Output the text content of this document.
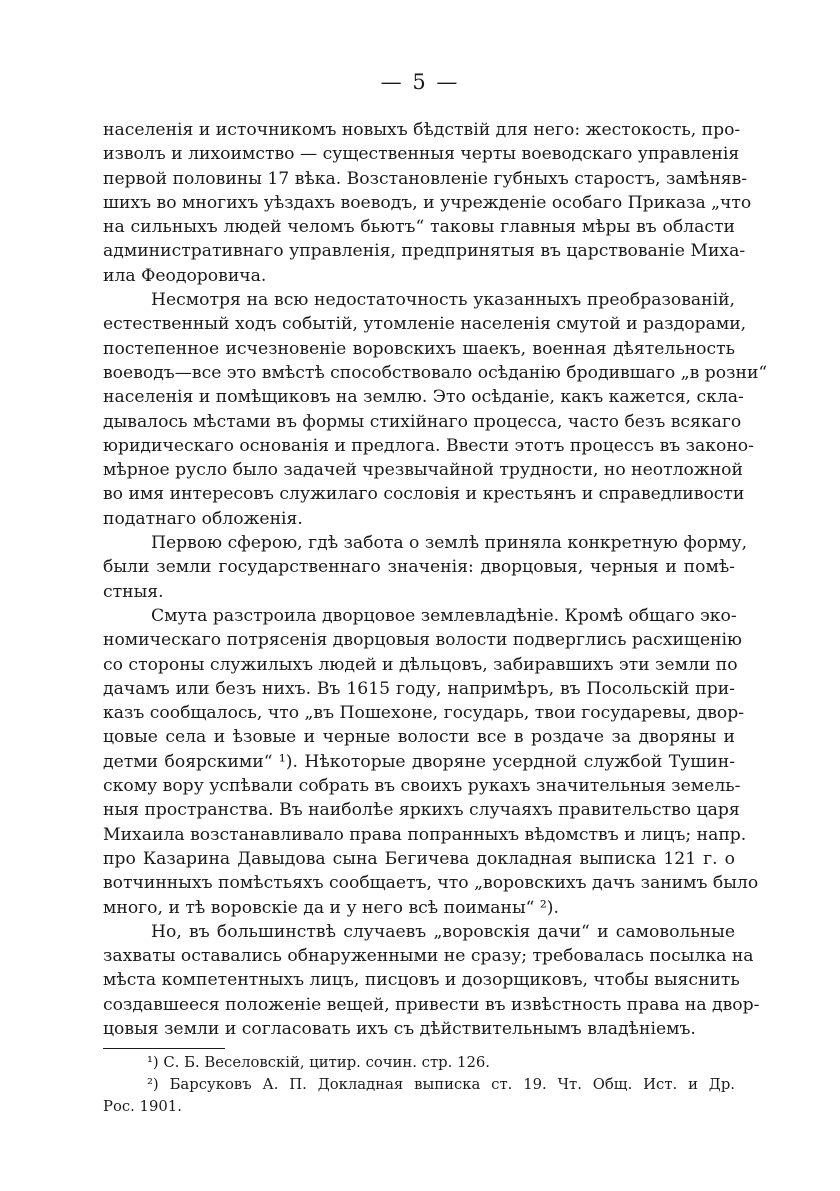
— 5 —
населенія и источникомъ новыхъ бѣдствій для него: жестокость, про-
изволъ и лихоимство — существенныя черты воеводскаго управленія
первой половины 17 вѣка. Возстановленіе губныхъ старостъ, замѣняв-
шихъ во многихъ уѣздахъ воеводъ, и учрежденіе особаго Приказа „что
на сильныхъ людей челомъ бьютъ“ таковы главныя мѣры въ области
административнаго управленія, предпринятыя въ царствованіе Миха-
ила Феодоровича.
Несмотря на всю недостаточность указанныхъ преобразованій,
естественный ходъ событій, утомленіе населенія смутой и раздорами,
постепенное исчезновеніе воровскихъ шаекъ, военная дѣятельность
воеводъ—все это вмѣстѣ способствовало осѣданію бродившаго „в розни“
населенія и помѣщиковъ на землю. Это осѣданіе, какъ кажется, скла-
дывалось мѣстами въ формы стихійнаго процесса, часто безъ всякаго
юридическаго основанія и предлога. Ввести этотъ процессъ въ законо-
мѣрное русло было задачей чрезвычайной трудности, но неотложной
во имя интересовъ служилаго сословія и крестьянъ и справедливости
податнаго обложенія.
Первою сферою, гдѣ забота о землѣ приняла конкретную форму,
были земли государственнаго значенія: дворцовыя, черныя и помѣ-
стныя.
Смута разстроила дворцовое землевладѣніе. Кромѣ общаго эко-
номическаго потрясенія дворцовыя волости подверглись расхищенію
со стороны служилыхъ людей и дѣльцовъ, забиравшихъ эти земли по
дачамъ или безъ нихъ. Въ 1615 году, напримѣръ, въ Посольскій при-
казъ сообщалось, что „въ Пошехоне, государь, твои государевы, двор-
цовые села и ѣзовые и черные волости все в роздаче за дворяны и
детми боярскими“ ¹). Нѣкоторые дворяне усердной службой Тушин-
скому вору успѣвали собрать въ своихъ рукахъ значительныя земель-
ныя пространства. Въ наиболѣе яркихъ случаяхъ правительство царя
Михаила возстанавливало права попранныхъ вѣдомствъ и лицъ; напр.
про Казарина Давыдова сына Бегичева докладная выписка 121 г. о
вотчинныхъ помѣстьяхъ сообщаетъ, что „воровскихъ дачъ занимъ было
много, и тѣ воровскіе да и у него всѣ поиманы“ ²).
Но, въ большинствѣ случаевъ „воровскія дачи“ и самовольные
захваты оставались обнаруженными не сразу; требовалась посылка на
мѣста компетентныхъ лицъ, писцовъ и дозорщиковъ, чтобы выяснить
создавшееся положеніе вещей, привести въ извѣстность права на двор-
цовыя земли и согласовать ихъ съ дѣйствительнымъ владѣніемъ.
¹) С. Б. Веселовскій, цитир. сочин. стр. 126.
²) Барсуковъ А. П. Докладная выписка ст. 19. Чт. Общ. Ист. и Др.
Рос. 1901.
